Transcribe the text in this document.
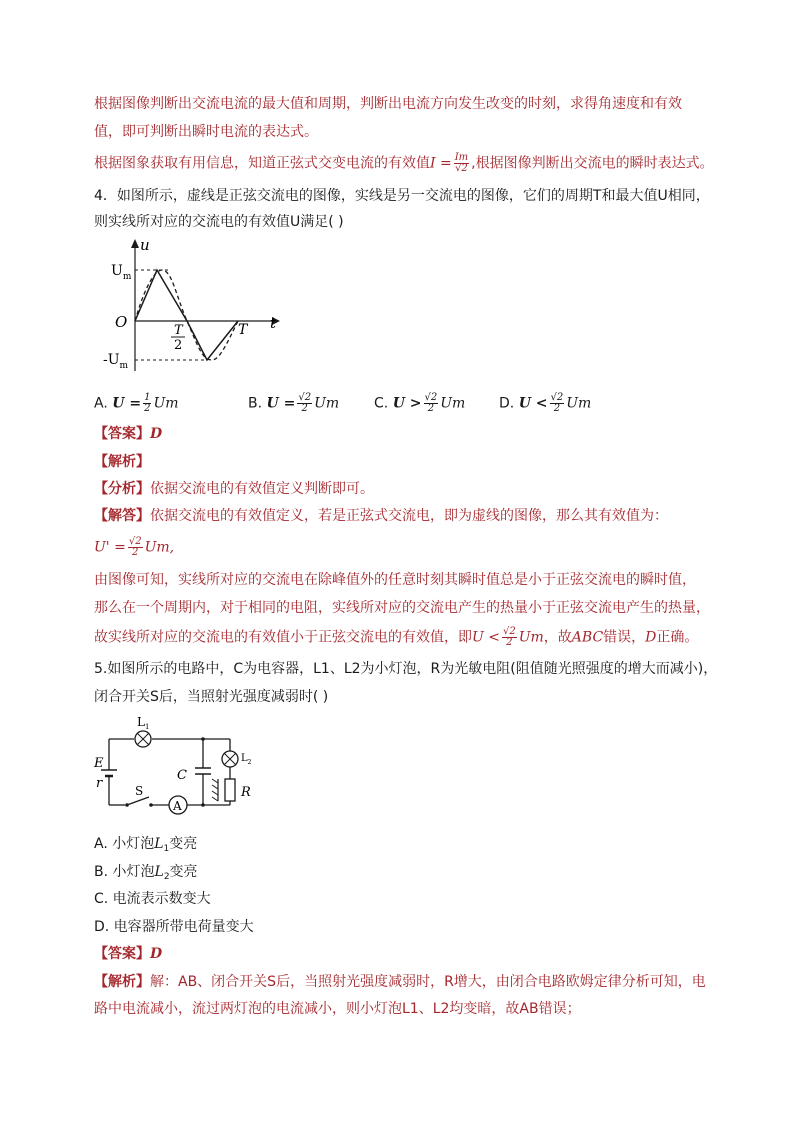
根据图像判断出交流电流的最大值和周期，判断出电流方向发生改变的时刻，求得角速度和有效
值，即可判断出瞬时电流的表达式。
根据图象获取有用信息，知道正弦式交变电流的有效值$I = \frac{Im}{√2}$ ,根据图像判断出交流电的瞬时表达式。
4．如图所示，虚线是正弦交流电的图像，实线是另一交流电的图像，它们的周期T和最大值U相同，
则实线所对应的交流电的有效值U满足( )
u
t
O
$U_m$
$-U_m$
T
2
T
A. $U = \frac{1}{2}$ Um	B. $U = \frac{√2}{2}$ Um C. $U > \frac{√2}{2}$ Um D. $U < \frac{√2}{2}$ Um
【答案】D
【解析】
【分析】依据交流电的有效值定义判断即可。
【解答】依据交流电的有效值定义，若是正弦式交流电，即为虚线的图像，那么其有效值为：
$U' = \frac{√2}{2} Um$,
由图像可知，实线所对应的交流电在除峰值外的任意时刻其瞬时值总是小于正弦交流电的瞬时值，
那么在一个周期内，对于相同的电阻，实线所对应的交流电产生的热量小于正弦交流电产生的热量，
故实线所对应的交流电的有效值小于正弦交流电的有效值，即$U < \frac{√2}{2}$ Um，故ABC错误，D正确。
5.如图所示的电路中，C为电容器，L1、L2为小灯泡，R为光敏电阻(阻值随光照强度的增大而减小)，
闭合开关S后，当照射光强度减弱时( )
$L_1$
E
r	S
A
C
$L_2$
R
A. 小灯泡$L_1$变亮
B. 小灯泡$L_2$变亮
C. 电流表示数变大
D. 电容器所带电荷量变大
【答案】D
【解析】解：AB、闭合开关S后，当照射光强度减弱时，R增大，由闭合电路欧姆定律分析可知，电
路中电流减小，流过两灯泡的电流减小，则小灯泡L1、L2均变暗，故AB错误；
